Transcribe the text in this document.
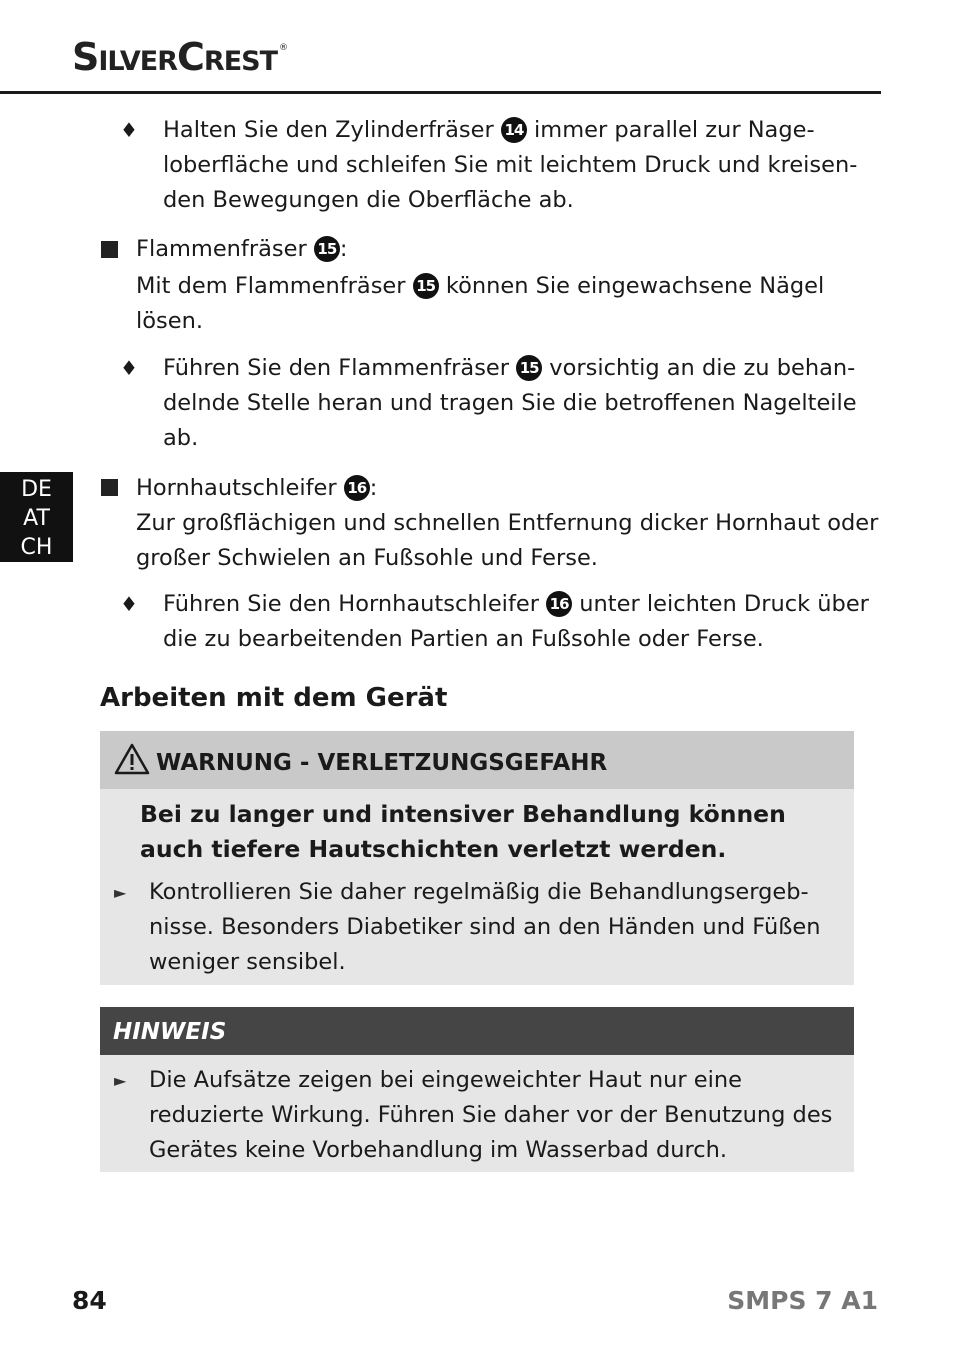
SilverCrest ®
DE
AT
CH
♦ Halten Sie den Zylinderfräser 14 immer parallel zur Nage-
loberfläche und schleifen Sie mit leichtem Druck und kreisen-
den Bewegungen die Oberfläche ab.
Flammenfräser 15 :
Mit dem Flammenfräser 15 können Sie eingewachsene Nägel
lösen.
♦ Führen Sie den Flammenfräser 15 vorsichtig an die zu behan-
delnde Stelle heran und tragen Sie die betroffenen Nagelteile
ab.
Hornhautschleifer 16 :
Zur großflächigen und schnellen Entfernung dicker Hornhaut oder
großer Schwielen an Fußsohle und Ferse.
♦ Führen Sie den Hornhautschleifer 16 unter leichten Druck über
die zu bearbeitenden Partien an Fußsohle oder Ferse.
Arbeiten mit dem Gerät
WARNUNG - VERLETZUNGSGEFAHR
Bei zu langer und intensiver Behandlung können
auch tiefere Hautschichten verletzt werden.
► Kontrollieren Sie daher regelmäßig die Behandlungsergeb-
nisse. Besonders Diabetiker sind an den Händen und Füßen
weniger sensibel.
HINWEIS
► Die Aufsätze zeigen bei eingeweichter Haut nur eine
reduzierte Wirkung. Führen Sie daher vor der Benutzung des
Gerätes keine Vorbehandlung im Wasserbad durch.
84	SMPS 7 A1
